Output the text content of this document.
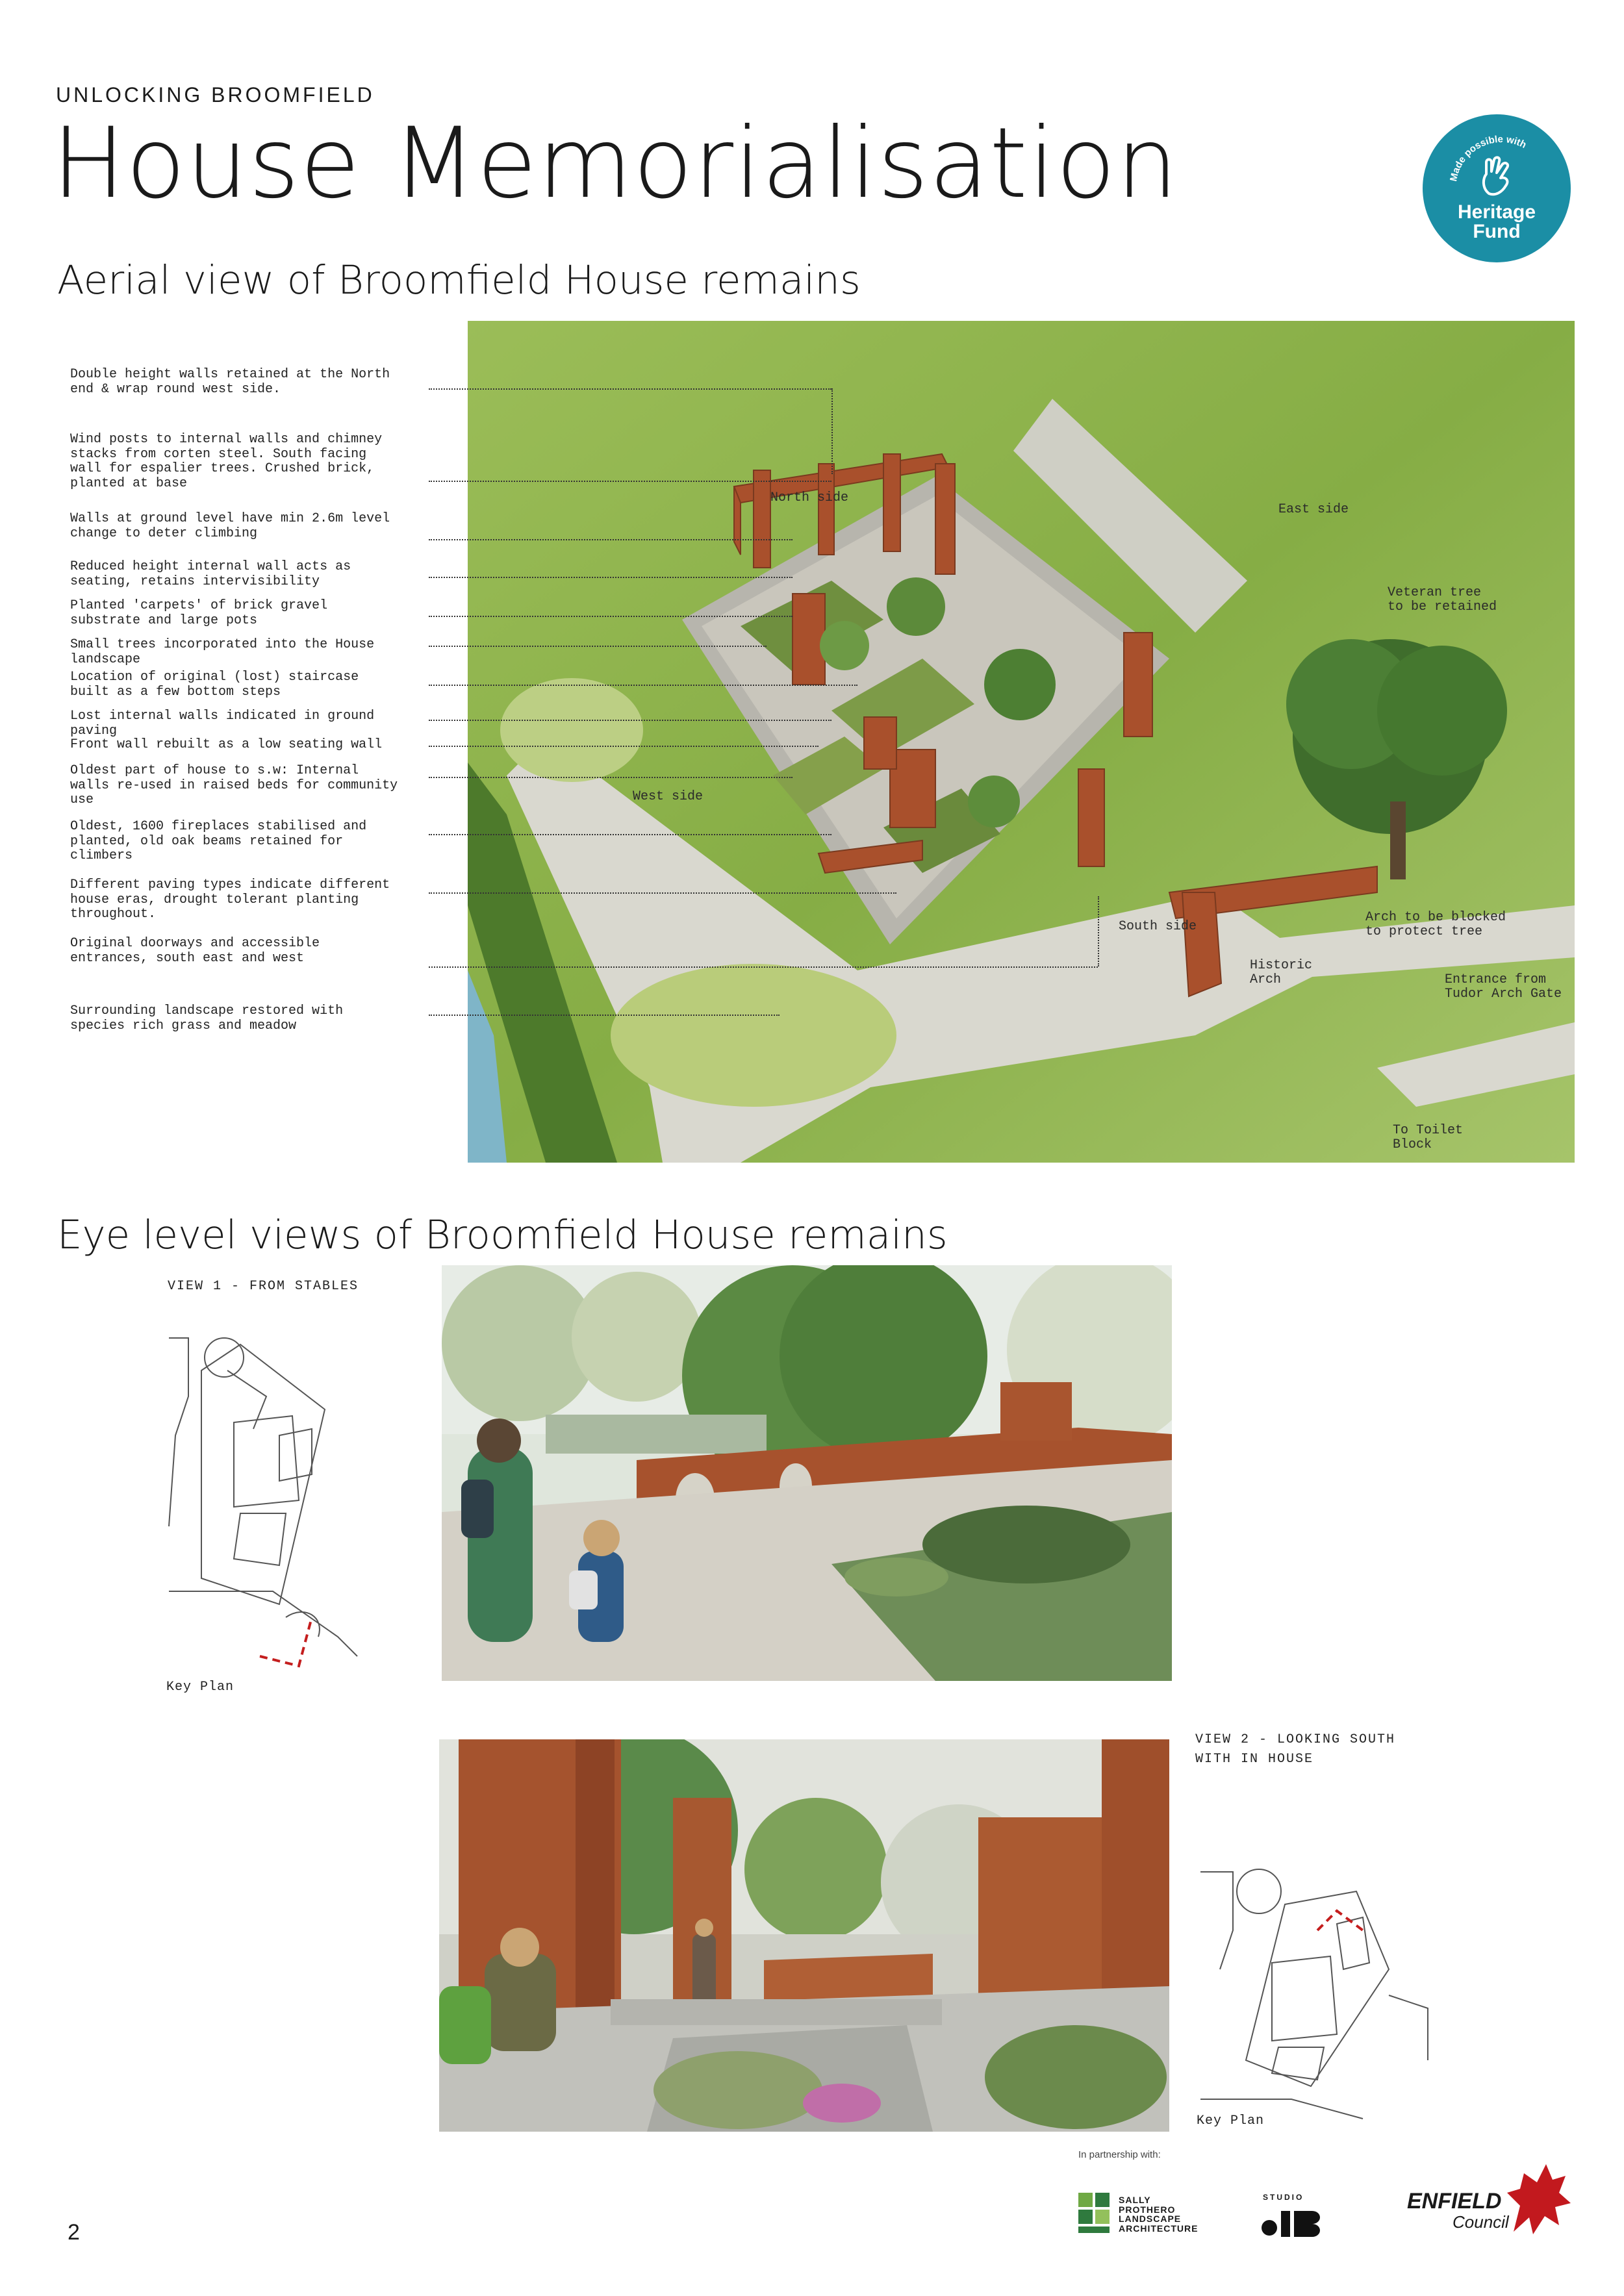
UNLOCKING BROOMFIELD
House Memorialisation	Made possible with
Heritage
Fund
Aerial view of Broomfield House remains
North side
East side
West side
South side
Veteran tree
to be retained
Arch to be blocked
to protect tree
Historic
Arch	Entrance from
Tudor Arch Gate
To Toilet
Block
Double height walls retained at the North
end & wrap round west side.
Wind posts to internal walls and chimney
stacks from corten steel. South facing
wall for espalier trees. Crushed brick,
planted at base
Walls at ground level have min 2.6m level
change to deter climbing
Reduced height internal wall acts as
seating, retains intervisibility
Planted 'carpets' of brick gravel
substrate and large pots
Small trees incorporated into the House
landscape
Location of original (lost) staircase
built as a few bottom steps
Lost internal walls indicated in ground
paving
Front wall rebuilt as a low seating wall
Oldest part of house to s.w: Internal
walls re-used in raised beds for community
use
Oldest, 1600 fireplaces stabilised and
planted, old oak beams retained for
climbers
Different paving types indicate different
house eras, drought tolerant planting
throughout.
Original doorways and accessible
entrances, south east and west
Surrounding landscape restored with
species rich grass and meadow
Eye level views of Broomfield House remains
VIEW 1 - FROM STABLES
Key Plan
VIEW 2 - LOOKING SOUTH
WITH IN HOUSE
Key Plan
In partnership with:
2
SALLY
PROTHERO
LANDSCAPE
ARCHITECTURE
STUDIO	ENFIELD
Council
